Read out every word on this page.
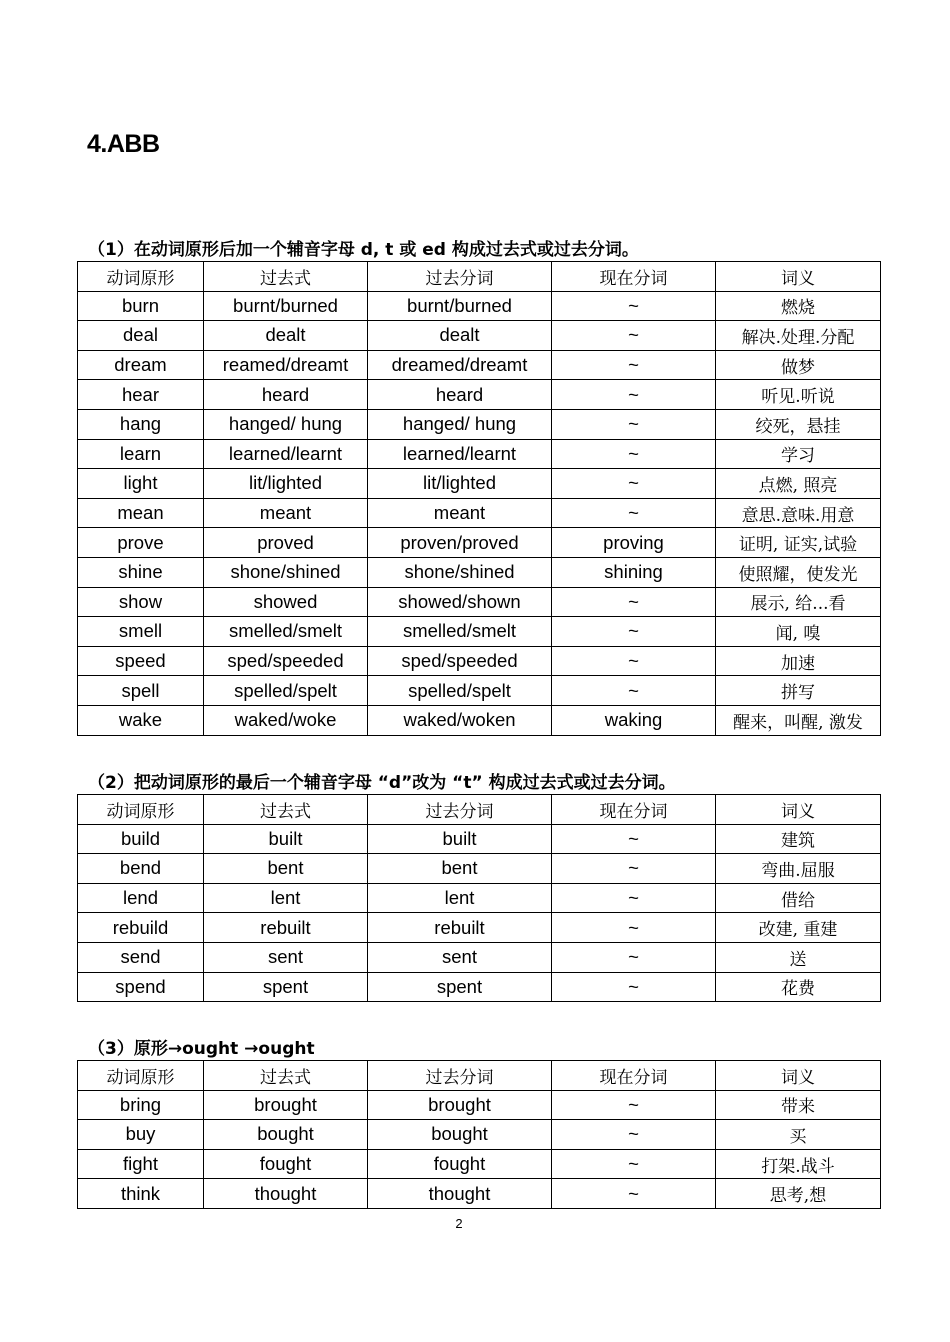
4.ABB
（1）在动词原形后加一个辅音字母 d, t 或 ed 构成过去式或过去分词。
动词原形	过去式	过去分词	现在分词	词义
burn	burnt/burned	burnt/burned	~	燃烧
deal	dealt	dealt	~	解决.处理.分配
dream	reamed/dreamt	dreamed/dreamt	~	做梦
hear	heard	heard	~	听见.听说
hang	hanged/ hung	hanged/ hung	~	绞死，悬挂
learn	learned/learnt	learned/learnt	~	学习
light	lit/lighted	lit/lighted	~	点燃, 照亮
mean	meant	meant	~	意思.意味.用意
prove	proved	proven/proved	proving	证明, 证实,试验
shine	shone/shined	shone/shined	shining	使照耀，使发光
show	showed	showed/shown	~	展示, 给...看
smell	smelled/smelt	smelled/smelt	~	闻, 嗅
speed	sped/speeded	sped/speeded	~	加速
spell	spelled/spelt	spelled/spelt	~	拼写
wake	waked/woke	waked/woken	waking	醒来，叫醒, 激发
（2）把动词原形的最后一个辅音字母 “d”改为 “t” 构成过去式或过去分词。
动词原形	过去式	过去分词	现在分词	词义
build	built	built	~	建筑
bend	bent	bent	~	弯曲.屈服
lend	lent	lent	~	借给
rebuild	rebuilt	rebuilt	~	改建, 重建
send	sent	sent	~	送
spend	spent	spent	~	花费
（3）原形→ought →ought
动词原形	过去式	过去分词	现在分词	词义
bring	brought	brought	~	带来
buy	bought	bought	~	买
fight	fought	fought	~	打架.战斗
think	thought	thought	~	思考,想
2
